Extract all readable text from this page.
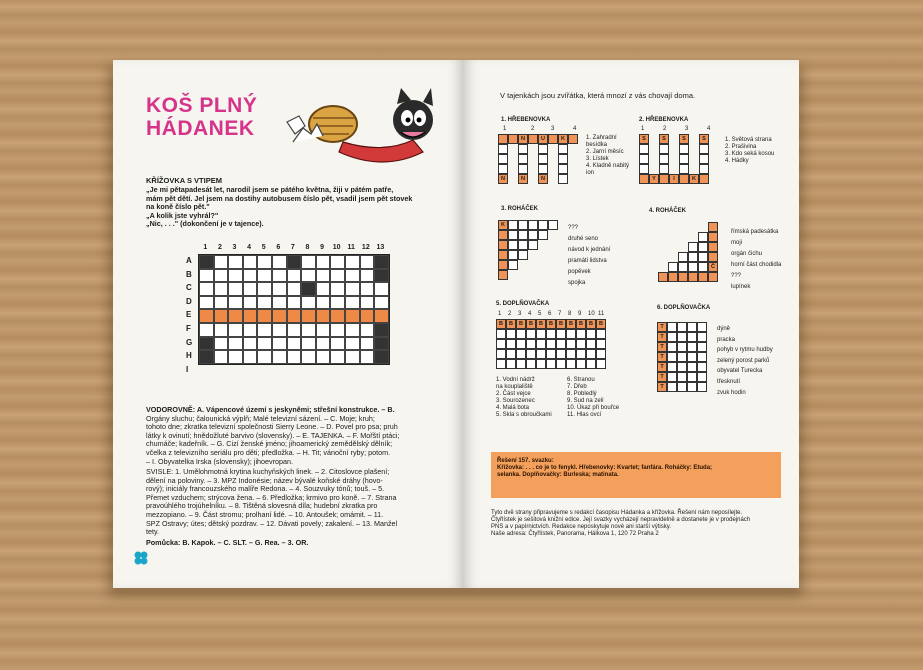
KOŠ PLNÝ
HÁDANEK
KŘÍŽOVKA S VTIPEM
„Je mi pětapadesát let, narodil jsem se pátého května, žiji v pátém patře,
mám pět dětí. Jel jsem na dostihy autobusem číslo pět, vsadil jsem pět stovek
na koně číslo pět."
„A kolik jste vyhrál?"
„Nic, . . ." (dokončení je v tajence).
1	2	3	4	5	6	7	8	9	10	11 12 13
A
B
C
D
E
F
G
H
I
VODOROVNĚ: A. Vápencové území s jeskyněmi; střešní konstrukce. – B.
Orgány sluchu; čalounická výplň; Malé televizní sázení. – C. Moje; kruh;
tohoto dne; zkratka televizní společnosti Sierry Leone. – D. Povel pro psa; pruh
látky k ovinutí; hnědožluté barvivo (slovensky). – E. TAJENKA. – F. Mořští ptáci;
chumáče; kadeřník. – G. Cizí ženské jméno; jihoamerický zemědělský dělník;
včelka z televizního seriálu pro děti; předložka. – H. Tit; vánoční ryby; potom.
– I. Obyvatelka Irska (slovensky); jihoevropan.
SVISLE: 1. Umělohmotná krytina kuchyňských linek. – 2. Citoslovce plašení;
dělení na poloviny. – 3. MPZ Indonésie; název bývalé koňské dráhy (hovo-
rový); iniciály francouzského malíře Redona. – 4. Souzvuky tónů; touš. – 5.
Přemet vzduchem; strýcova žena. – 6. Předložka; krmivo pro koně. – 7. Strana
pravoúhlého trojúhelníku. – 8. Tištěná slovesná díla; hudební zkratka pro
mezzopiano. – 9. Část stromu; prolhaní lidé. – 10. Antoušek; omámit. – 11.
SPZ Ostravy; útes; dětský pozdrav. – 12. Dávati povely; zakalení. – 13. Manžel
tety.
Pomůcka: B. Kapok. – C. SLT. – G. Rea. – 3. OR.
V tajenkách jsou zvířátka, která mnozí z vás chovají doma.
1. HŘEBENOVKA
1	2	3	4
N	U	K
N	N	N
1. Zahradní
besídka
2. Jarní měsíc
3. Lístek
4. Kladně nabitý
ion
2. HŘEBENOVKA
1	2	3	4
S	S	S	S
Y	I	K
1. Světová strana
2. Prašivina
3. Kdo seká kosou
4. Hádky
3. ROHÁČEK
K	???
druhé seno
návod k jednání
pramáti lidstva
popěvek
spojka
4. ROHÁČEK
Č
římská padesátka
moji
orgán čichu
horní část chodidla
???
lupínek
5. DOPLŇOVAČKA
1 2 3 4 5 6 7 8 9 10 11
B	B	B	B	B	B	B	B	B	B	B
1. Vodní nádrž
na kouplaliště
2. Část vejce
3. Sourozenec
4. Malá bota
5. Skla s obroučkami
6. Stranou
7. Dřeb
8. Pobledlý
9. Sud na zelí
10. Úkaz při bouřce
11. Hlas ovcí
6. DOPLŇOVAČKA
T
T
T
T
T
T
T
dýně
pracka
pohyb v rytmu hudby
zelený porost parků
obyvatel Turecka
třesknutí
zvuk hodin
Řešení 157. svazku:
Křížovka: . . . co je to fenykl. Hřebenovky: Kvartet; fanfára. Roháčky: Etuda;
selanka. Doplňovačky: Burleska; matinata.
Tyto dvě strany připravujeme s redakcí časopisu Hádanka a křížovka. Řešení nám neposílejte.
Čtyřlístek je sešitová knižní edice. Její svazky vycházejí nepravidelně a dostanete je v prodejnách
PNS a v papírnictvích. Redakce neposkytuje nové ani starší výtisky.
Naše adresa: Čtyřlístek, Panorama, Hálkova 1, 120 72 Praha 2
